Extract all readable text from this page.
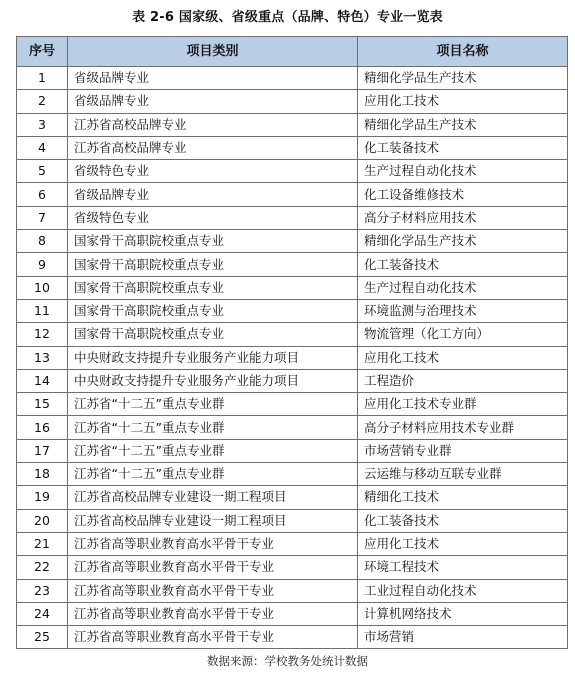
表 2-6 国家级、省级重点（品牌、特色）专业一览表
序号	项目类别	项目名称
1	省级品牌专业	精细化学品生产技术
2	省级品牌专业	应用化工技术
3	江苏省高校品牌专业	精细化学品生产技术
4	江苏省高校品牌专业	化工装备技术
5	省级特色专业	生产过程自动化技术
6	省级品牌专业	化工设备维修技术
7	省级特色专业	高分子材料应用技术
8	国家骨干高职院校重点专业	精细化学品生产技术
9	国家骨干高职院校重点专业	化工装备技术
10	国家骨干高职院校重点专业	生产过程自动化技术
11	国家骨干高职院校重点专业	环境监测与治理技术
12	国家骨干高职院校重点专业	物流管理（化工方向）
13	中央财政支持提升专业服务产业能力项目	应用化工技术
14	中央财政支持提升专业服务产业能力项目	工程造价
15	江苏省“十二五”重点专业群	应用化工技术专业群
16	江苏省“十二五”重点专业群	高分子材料应用技术专业群
17	江苏省“十二五”重点专业群	市场营销专业群
18	江苏省“十二五”重点专业群	云运维与移动互联专业群
19	江苏省高校品牌专业建设一期工程项目	精细化工技术
20	江苏省高校品牌专业建设一期工程项目	化工装备技术
21	江苏省高等职业教育高水平骨干专业	应用化工技术
22	江苏省高等职业教育高水平骨干专业	环境工程技术
23	江苏省高等职业教育高水平骨干专业	工业过程自动化技术
24	江苏省高等职业教育高水平骨干专业	计算机网络技术
25	江苏省高等职业教育高水平骨干专业	市场营销
数据来源：学校教务处统计数据
